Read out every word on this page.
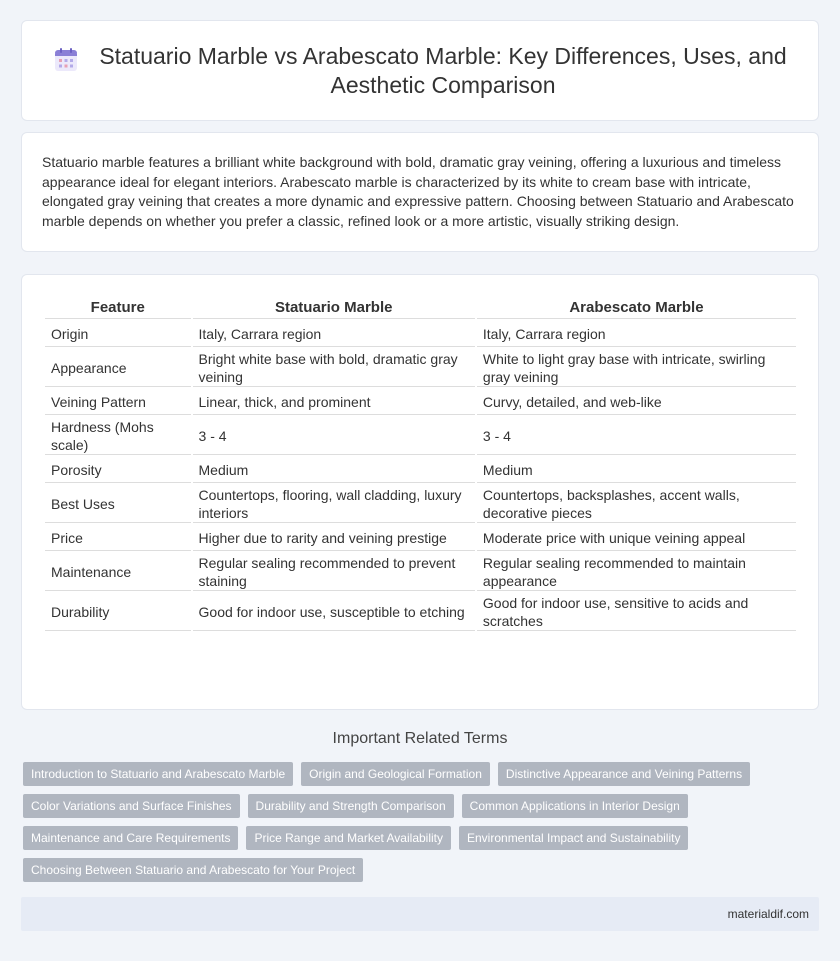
Statuario Marble vs Arabescato Marble: Key Differences, Uses, and Aesthetic Comparison

Statuario marble features a brilliant white background with bold, dramatic gray veining, offering a luxurious and timeless appearance ideal for elegant interiors. Arabescato marble is characterized by its white to cream base with intricate, elongated gray veining that creates a more dynamic and expressive pattern. Choosing between Statuario and Arabescato marble depends on whether you prefer a classic, refined look or a more artistic, visually striking design.

Feature	Statuario Marble	Arabescato Marble
Origin	Italy, Carrara region	Italy, Carrara region
Appearance	Bright white base with bold, dramatic gray veining	White to light gray base with intricate, swirling gray veining
Veining Pattern	Linear, thick, and prominent	Curvy, detailed, and web-like
Hardness (Mohs scale)	3 - 4	3 - 4
Porosity	Medium	Medium
Best Uses	Countertops, flooring, wall cladding, luxury interiors	Countertops, backsplashes, accent walls, decorative pieces
Price	Higher due to rarity and veining prestige	Moderate price with unique veining appeal
Maintenance	Regular sealing recommended to prevent staining	Regular sealing recommended to maintain appearance
Durability	Good for indoor use, susceptible to etching	Good for indoor use, sensitive to acids and scratches
Important Related Terms
Introduction to Statuario and Arabescato Marble	Origin and Geological Formation	Distinctive Appearance and Veining Patterns
Color Variations and Surface Finishes	Durability and Strength Comparison	Common Applications in Interior Design
Maintenance and Care Requirements	Price Range and Market Availability	Environmental Impact and Sustainability
Choosing Between Statuario and Arabescato for Your Project
materialdif.com
